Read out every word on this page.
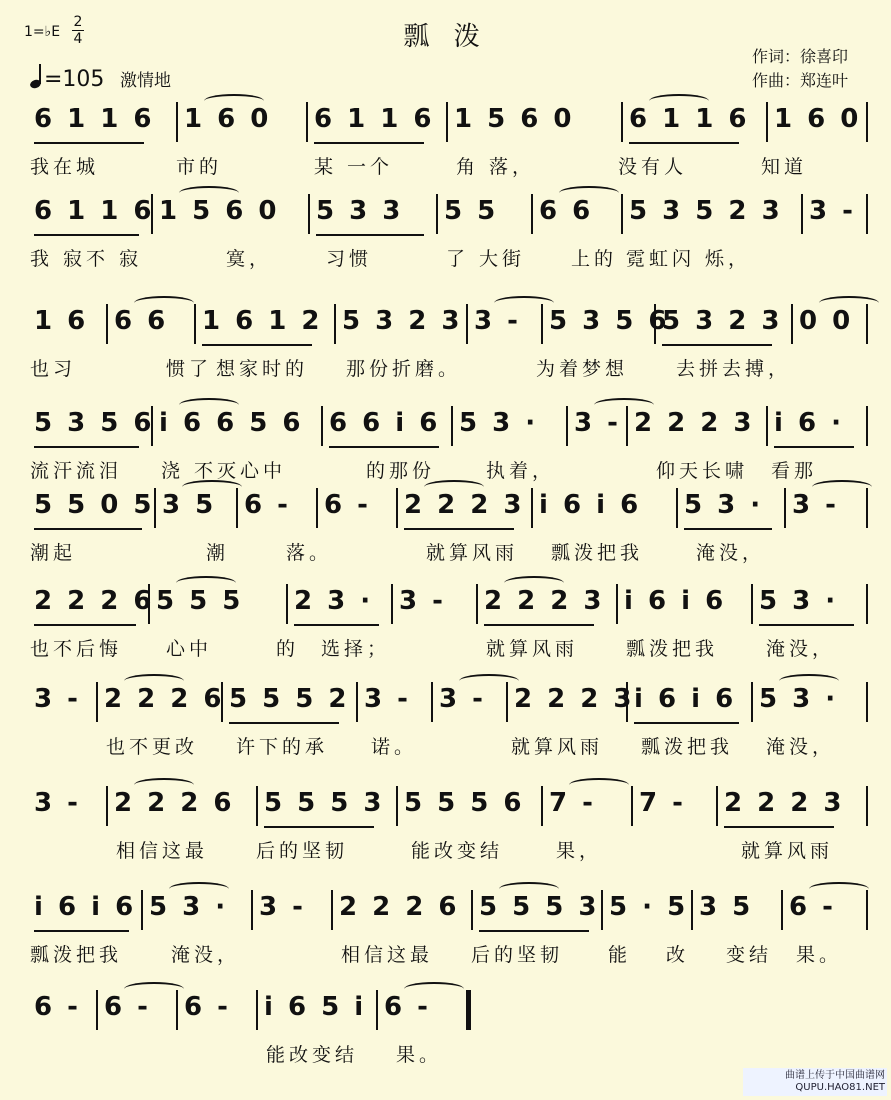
瓢 泼
1=♭E
2
4
=105 激情地
作词：徐喜印
作曲：郑连叶
6 1 1 6 1 6 0 6 1 1 6 1 5 6 0 6 1 1 6 1 6 0
我在城	市的	某 一个	角 落，	没有人	知道
6 1 1 6 1 5 6 0 5 3 3 5 5 6 6 5 3 5 2 3 3 -
我 寂不 寂	寞，	习惯	了 大街 上的 霓虹闪 烁，
1 6 6 6 1 6 1 2 5 3 2 3 3 - 5 3 5 6
5 3 2 3 0 0
也习	惯了 想家时的 那份折磨。	为着梦想	去拼去搏，
5 3 5 6 i 6 6 5 6 6 6 i 6 5 3 · 3 - 2 2 2 3 i 6 ·
流汗流泪 浇 不灭心中	的那份	执着，	仰天长啸 看那
5 5 0 5 3 5 6 - 6 - 2 2 2 3 i 6 i 6 5 3 · 3 -
潮起	潮	落。	就算风雨 瓢泼把我	淹没，
2 2 2 6 5 5 5 2 3 · 3 - 2 2 2 3 i 6 i 6 5 3 ·
也不后悔 心中	的 选择；	就算风雨	瓢泼把我	淹没，
3 - 2 2 2 6 5 5 5 2 3 - 3 - 2 2 2 3 i 6 i 6 5 3 ·
也不更改 许下的承 诺。	就算风雨 瓢泼把我 淹没，
3 - 2 2 2 6 5 5 5 3 5 5 5 6 7 - 7 - 2 2 2 3
相信这最	后的坚韧	能改变结	果，	就算风雨
i 6 i 6 5 3 · 3 - 2 2 2 6 5 5 5 3 5 · 5 3 5 6 -
瓢泼把我	淹没，	相信这最 后的坚韧 能 改 变结 果。
6 - 6 - 6 - i 6 5 i 6 -
能改变结 果。
曲谱上传于中国曲谱网
QUPU.HAO81.NET
